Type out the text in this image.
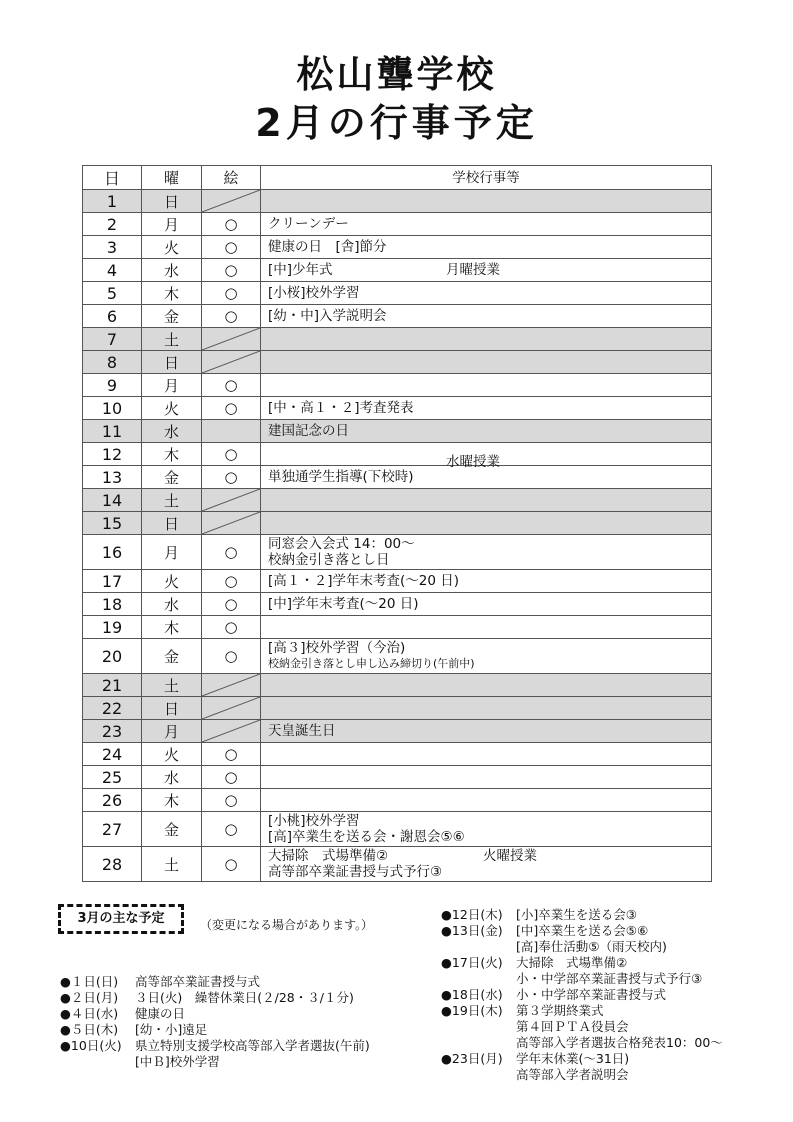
松山聾学校
2月の行事予定
日	曜	絵	学校行事等
1	日	

2	月	○	クリーンデー

3	火	○	健康の日　[舎]節分

4	水	○	[中]少年式 月曜授業

5	木	○	[小桜]校外学習

6	金	○	[幼・中]入学説明会

7	土	

8	日	

9	月	○	

10	火	○	[中・高１・２]考査発表

11	水		建国記念の日

12	木	○	水曜授業

13	金	○	単独通学生指導(下校時)

14	土	

15	日	

16	月	○	同窓会入会式 14：00～
校納金引き落とし日

17	火	○	[高１・２]学年末考査(～20 日)

18	水	○	[中]学年末考査(～20 日)

19	木	○	

20	金	○	[高３]校外学習（今治)
校納金引き落とし申し込み締切り(午前中)

21	土	

22	日	

23	月		天皇誕生日

24	火	○	

25	水	○	

26	木	○	

27	金	○	[小桃]校外学習
[高]卒業生を送る会・謝恩会⑤⑥

28	土	○	大掃除　式場準備②
高等部卒業証書授与式予行③
火曜授業
3月の主な予定	（変更になる場合があります。）
●１日(日)	高等部卒業証書授与式
●２日(月)	３日(火)　繰替休業日(２/28・３/１分)
●４日(水)	健康の日
●５日(木)	[幼・小]遠足
●10日(火)	県立特別支援学校高等部入学者選抜(午前)
[中Ｂ]校外学習
●12日(木)	[小]卒業生を送る会③
●13日(金)	[中]卒業生を送る会⑤⑥
[高]奉仕活動⑤（雨天校内)
●17日(火)	大掃除　式場準備②
小・中学部卒業証書授与式予行③
●18日(水)	小・中学部卒業証書授与式
●19日(木)	第３学期終業式
第４回ＰＴＡ役員会
高等部入学者選抜合格発表10：00～
●23日(月)	学年末休業(～31日)
高等部入学者説明会
